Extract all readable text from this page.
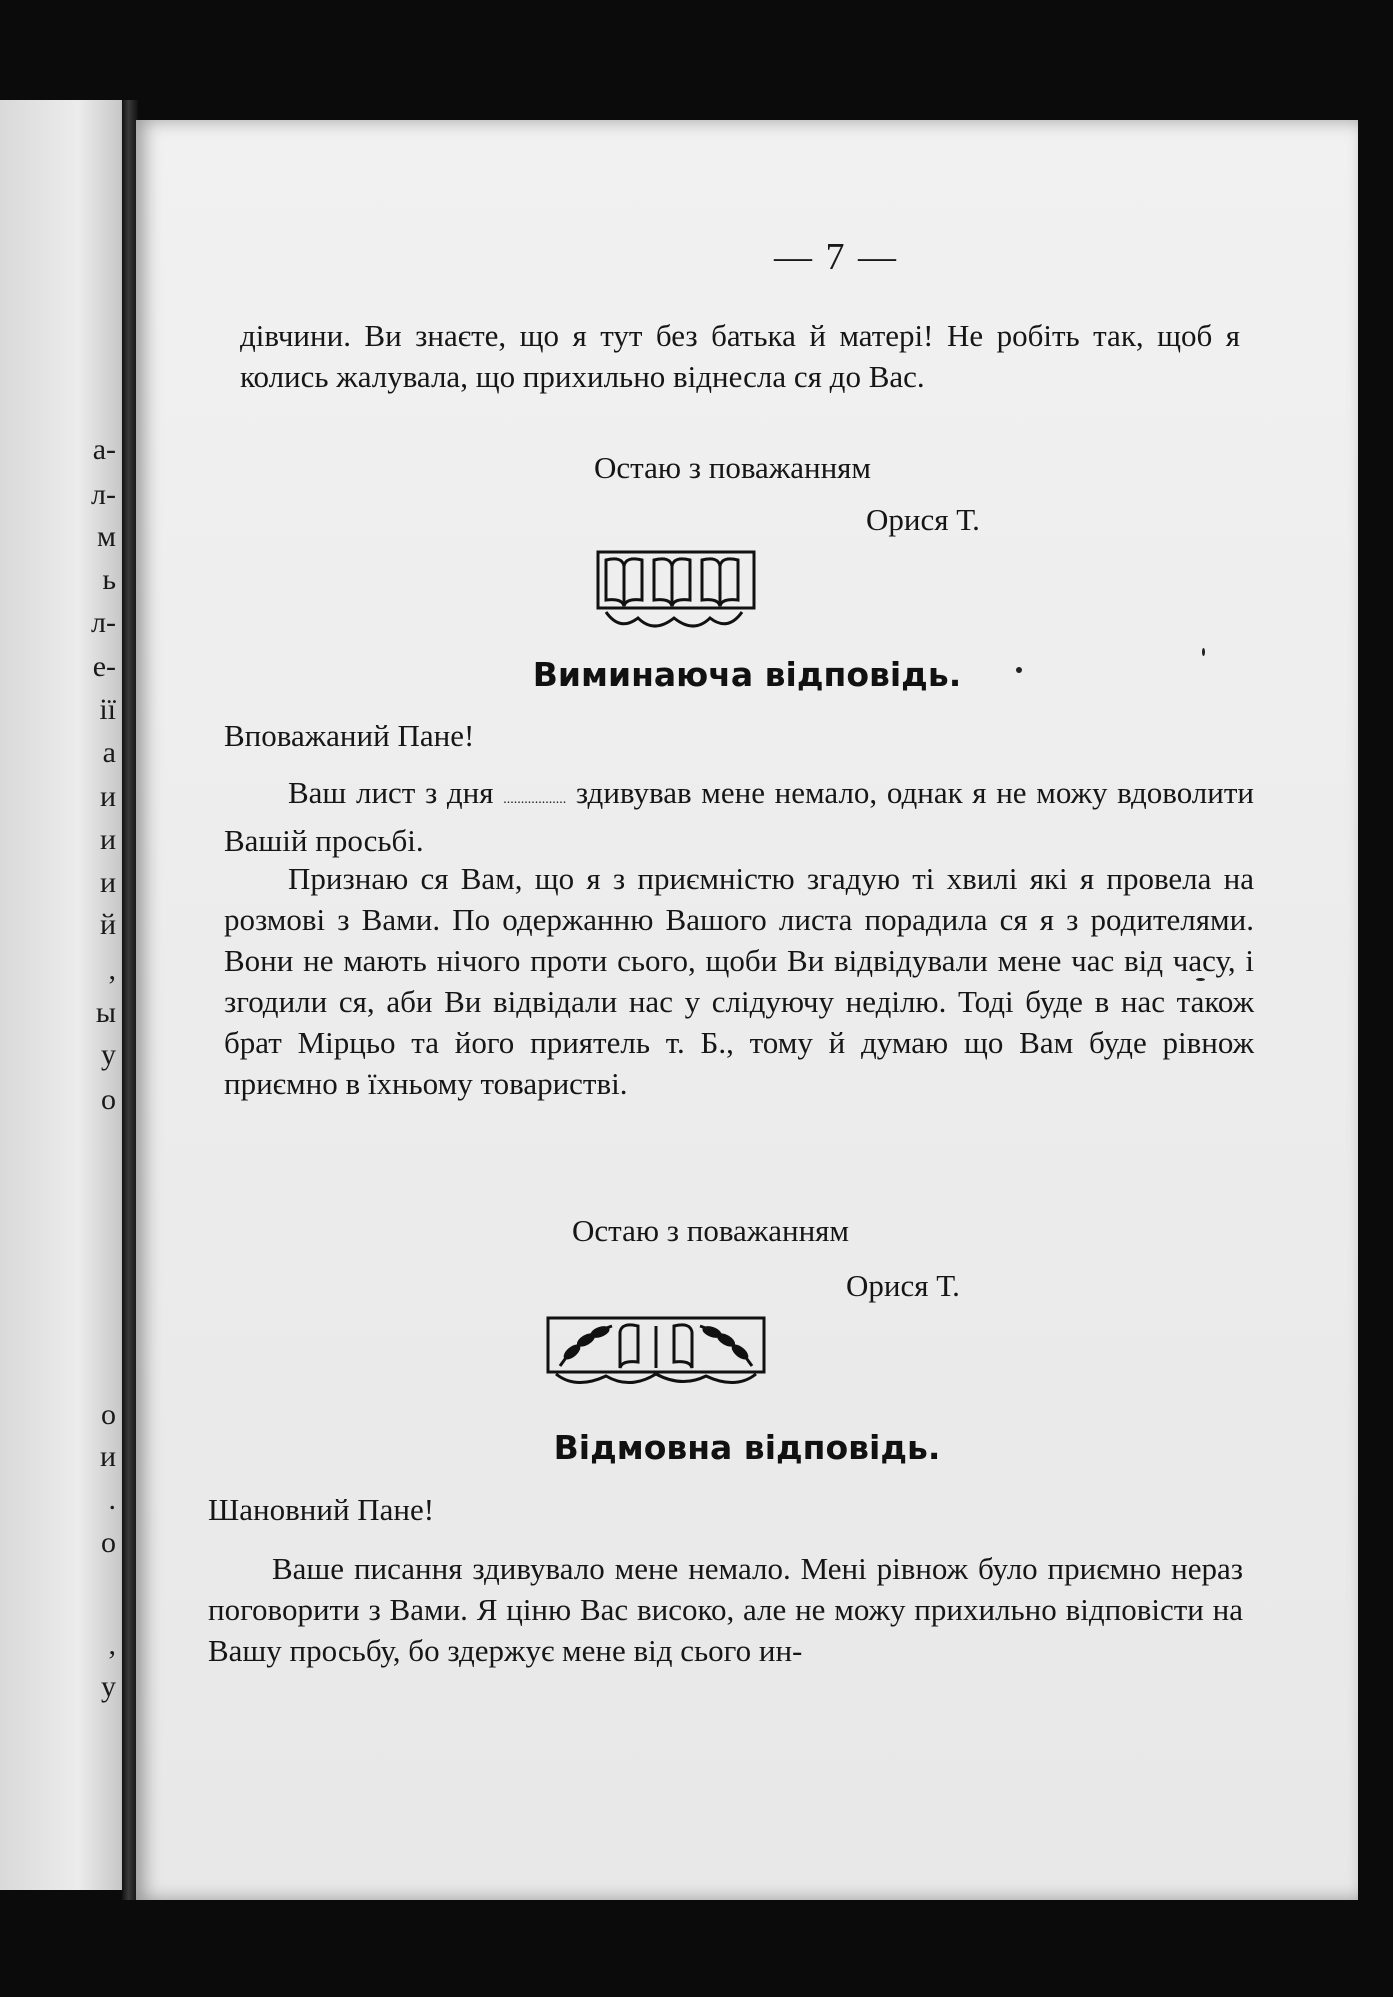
а-
л-
м
ь
л-
е-
ії
а
и
и
и
й
,
ы
у
о
о
и
.
о
,
у
— 7 —

дівчини. Ви знаєте, що я тут без батька й матері! Не робіть так, щоб я колись жалувала, що прихильно віднесла ся до Вас.

Остаю з поважанням
Орися Т.
Виминаюча відповідь.
Вповажаний Пане!

Ваш лист з дня .................. здивував мене немало, однак я не можу вдоволити Вашій просьбі.

Признаю ся Вам, що я з приємністю згадую ті хвилі які я провела на розмові з Вами. По одержанню Вашого листа порадила ся я з родителями. Вони не мають нічого проти сього, щоби Ви відвідували мене час від часу, і згодили ся, аби Ви відвідали нас у слідуючу неділю. Тоді буде в нас також брат Мірцьо та його приятель т. Б., тому й думаю що Вам буде рівнож приємно в їхньому товаристві.

Остаю з поважанням
Орися Т.
Відмовна відповідь.
Шановний Пане!

Ваше писання здивувало мене немало. Мені рівнож було приємно нераз поговорити з Вами. Я ціню Вас високо, але не можу прихильно відповісти на Вашу просьбу, бо здержує мене від сього ин-
